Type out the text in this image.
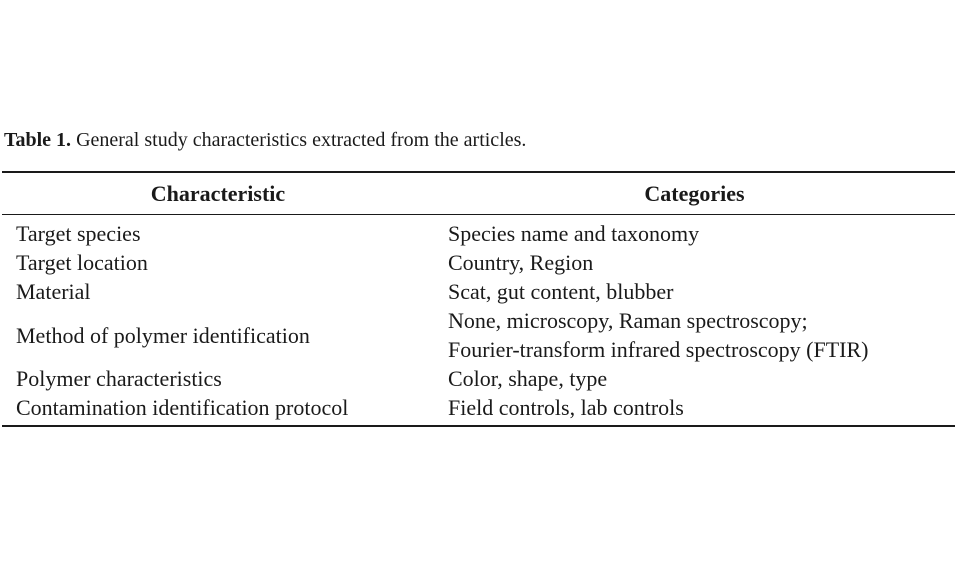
Table 1. General study characteristics extracted from the articles.
Characteristic	Categories
Target species	Species name and taxonomy

Target location	Country, Region

Material	Scat, gut content, blubber

Method of polymer identification	None, microscopy, Raman spectroscopy;
Fourier-transform infrared spectroscopy (FTIR)

Polymer characteristics	Color, shape, type

Contamination identification protocol	Field controls, lab controls
